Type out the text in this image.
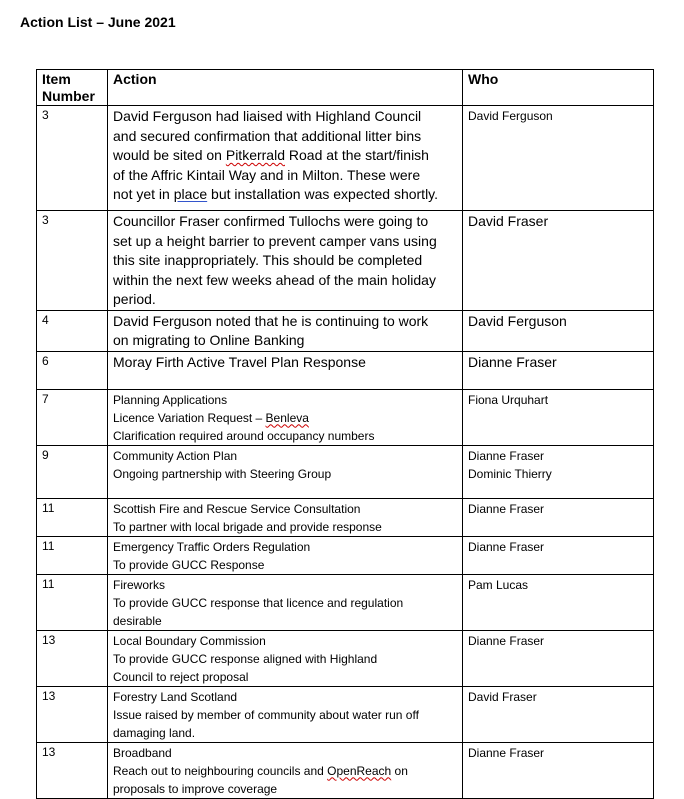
Action List – June 2021
Item
Number	Action	Who
3	David Ferguson had liaised with Highland Council
and secured confirmation that additional litter bins
would be sited on Pitkerrald Road at the start/finish
of the Affric Kintail Way and in Milton. These were
not yet in place but installation was expected shortly.	David Ferguson

3	Councillor Fraser confirmed Tullochs were going to
set up a height barrier to prevent camper vans using
this site inappropriately. This should be completed
within the next few weeks ahead of the main holiday
period.	David Fraser

4	David Ferguson noted that he is continuing to work
on migrating to Online Banking	David Ferguson

6	Moray Firth Active Travel Plan Response	Dianne Fraser

7	Planning Applications
Licence Variation Request – Benleva
Clarification required around occupancy numbers	Fiona Urquhart

9	Community Action Plan
Ongoing partnership with Steering Group	Dianne Fraser
Dominic Thierry

11	Scottish Fire and Rescue Service Consultation
To partner with local brigade and provide response	Dianne Fraser

11	Emergency Traffic Orders Regulation
To provide GUCC Response	Dianne Fraser

11	Fireworks
To provide GUCC response that licence and regulation
desirable	Pam Lucas

13	Local Boundary Commission
To provide GUCC response aligned with Highland
Council to reject proposal	Dianne Fraser

13	Forestry Land Scotland
Issue raised by member of community about water run off
damaging land.	David Fraser

13	Broadband
Reach out to neighbouring councils and OpenReach on
proposals to improve coverage	Dianne Fraser
